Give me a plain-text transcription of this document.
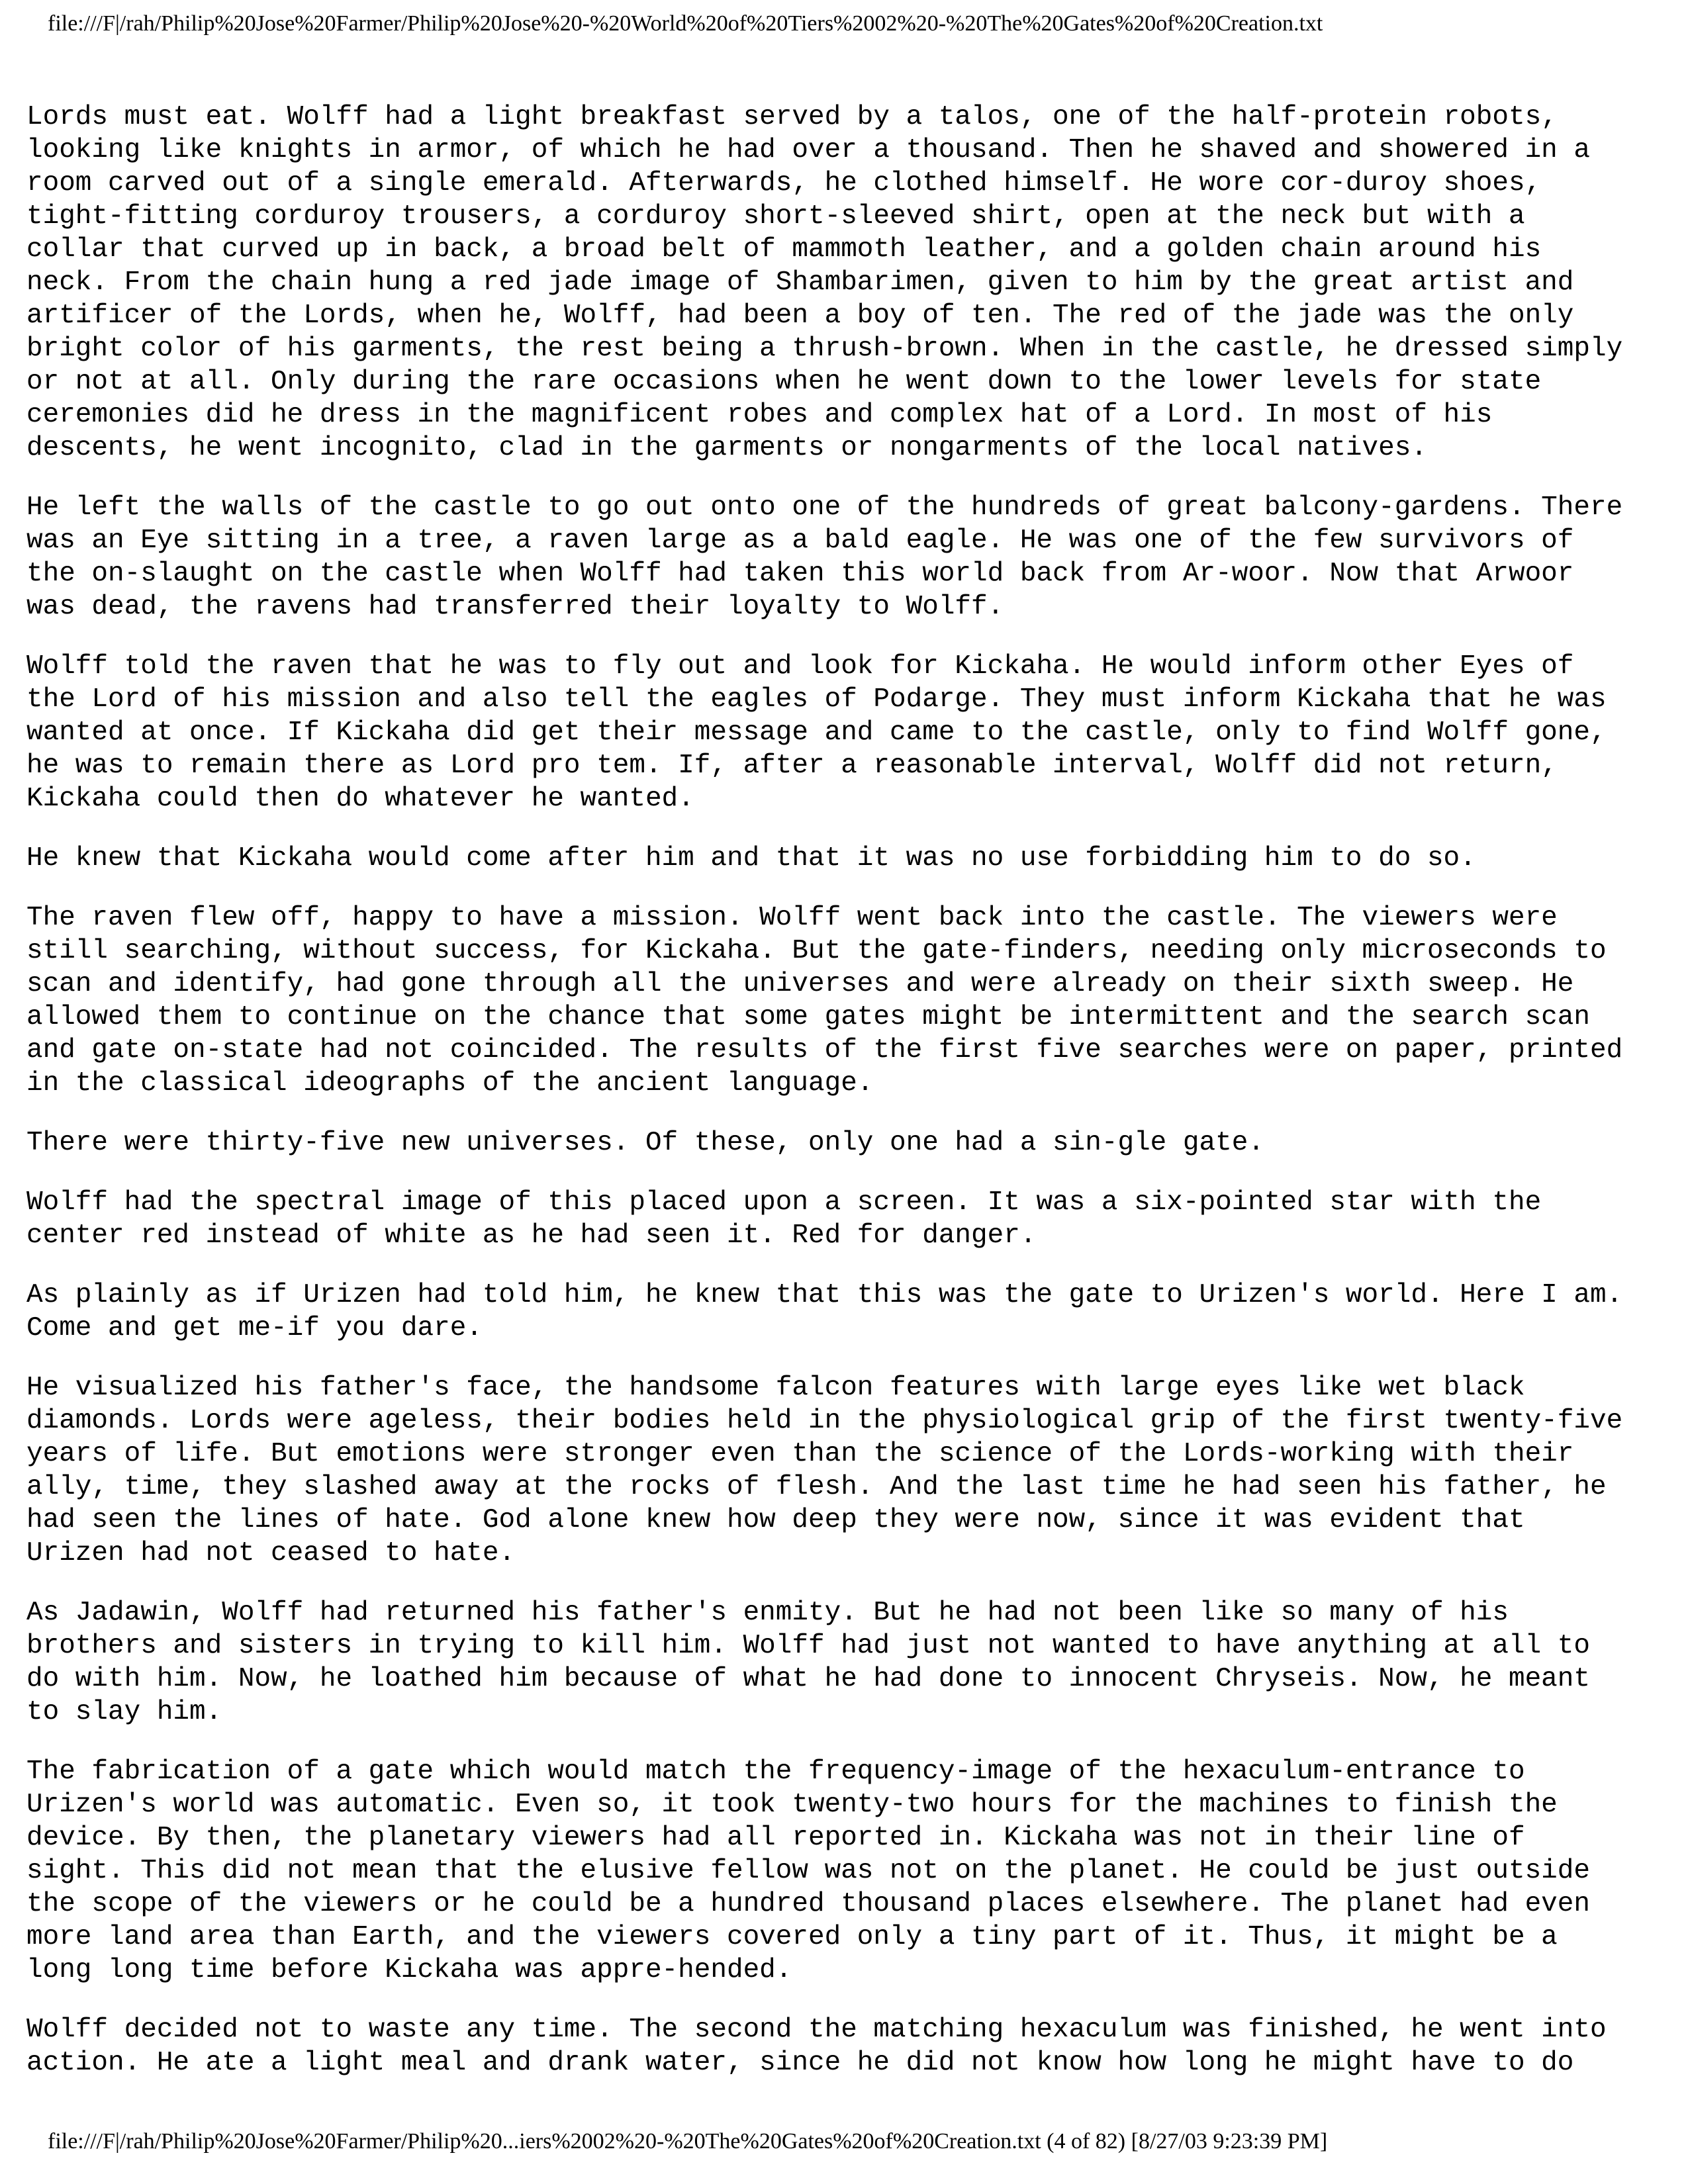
file:///F|/rah/Philip%20Jose%20Farmer/Philip%20Jose%20-%20World%20of%20Tiers%2002%20-%20The%20Gates%20of%20Creation.txt

Lords must eat. Wolff had a light breakfast served by a talos, one of the half-protein robots,
looking like knights in armor, of which he had over a thousand. Then he shaved and showered in a
room carved out of a single emerald. Afterwards, he clothed himself. He wore cor-duroy shoes,
tight-fitting corduroy trousers, a corduroy short-sleeved shirt, open at the neck but with a
collar that curved up in back, a broad belt of mammoth leather, and a golden chain around his
neck. From the chain hung a red jade image of Shambarimen, given to him by the great artist and
artificer of the Lords, when he, Wolff, had been a boy of ten. The red of the jade was the only
bright color of his garments, the rest being a thrush-brown. When in the castle, he dressed simply
or not at all. Only during the rare occasions when he went down to the lower levels for state
ceremonies did he dress in the magnificent robes and complex hat of a Lord. In most of his
descents, he went incognito, clad in the garments or nongarments of the local natives.

He left the walls of the castle to go out onto one of the hundreds of great balcony-gardens. There
was an Eye sitting in a tree, a raven large as a bald eagle. He was one of the few survivors of
the on-slaught on the castle when Wolff had taken this world back from Ar-woor. Now that Arwoor
was dead, the ravens had transferred their loyalty to Wolff.

Wolff told the raven that he was to fly out and look for Kickaha. He would inform other Eyes of
the Lord of his mission and also tell the eagles of Podarge. They must inform Kickaha that he was
wanted at once. If Kickaha did get their message and came to the castle, only to find Wolff gone,
he was to remain there as Lord pro tem. If, after a reasonable interval, Wolff did not return,
Kickaha could then do whatever he wanted.

He knew that Kickaha would come after him and that it was no use forbidding him to do so.

The raven flew off, happy to have a mission. Wolff went back into the castle. The viewers were
still searching, without success, for Kickaha. But the gate-finders, needing only microseconds to
scan and identify, had gone through all the universes and were already on their sixth sweep. He
allowed them to continue on the chance that some gates might be intermittent and the search scan
and gate on-state had not coincided. The results of the first five searches were on paper, printed
in the classical ideographs of the ancient language.

There were thirty-five new universes. Of these, only one had a sin-gle gate.

Wolff had the spectral image of this placed upon a screen. It was a six-pointed star with the
center red instead of white as he had seen it. Red for danger.

As plainly as if Urizen had told him, he knew that this was the gate to Urizen's world. Here I am.
Come and get me-if you dare.

He visualized his father's face, the handsome falcon features with large eyes like wet black
diamonds. Lords were ageless, their bodies held in the physiological grip of the first twenty-five
years of life. But emotions were stronger even than the science of the Lords-working with their
ally, time, they slashed away at the rocks of flesh. And the last time he had seen his father, he
had seen the lines of hate. God alone knew how deep they were now, since it was evident that
Urizen had not ceased to hate.

As Jadawin, Wolff had returned his father's enmity. But he had not been like so many of his
brothers and sisters in trying to kill him. Wolff had just not wanted to have anything at all to
do with him. Now, he loathed him because of what he had done to innocent Chryseis. Now, he meant
to slay him.

The fabrication of a gate which would match the frequency-image of the hexaculum-entrance to
Urizen's world was automatic. Even so, it took twenty-two hours for the machines to finish the
device. By then, the planetary viewers had all reported in. Kickaha was not in their line of
sight. This did not mean that the elusive fellow was not on the planet. He could be just outside
the scope of the viewers or he could be a hundred thousand places elsewhere. The planet had even
more land area than Earth, and the viewers covered only a tiny part of it. Thus, it might be a
long long time before Kickaha was appre-hended.

Wolff decided not to waste any time. The second the matching hexaculum was finished, he went into
action. He ate a light meal and drank water, since he did not know how long he might have to do

file:///F|/rah/Philip%20Jose%20Farmer/Philip%20...iers%2002%20-%20The%20Gates%20of%20Creation.txt (4 of 82) [8/27/03 9:23:39 PM]
